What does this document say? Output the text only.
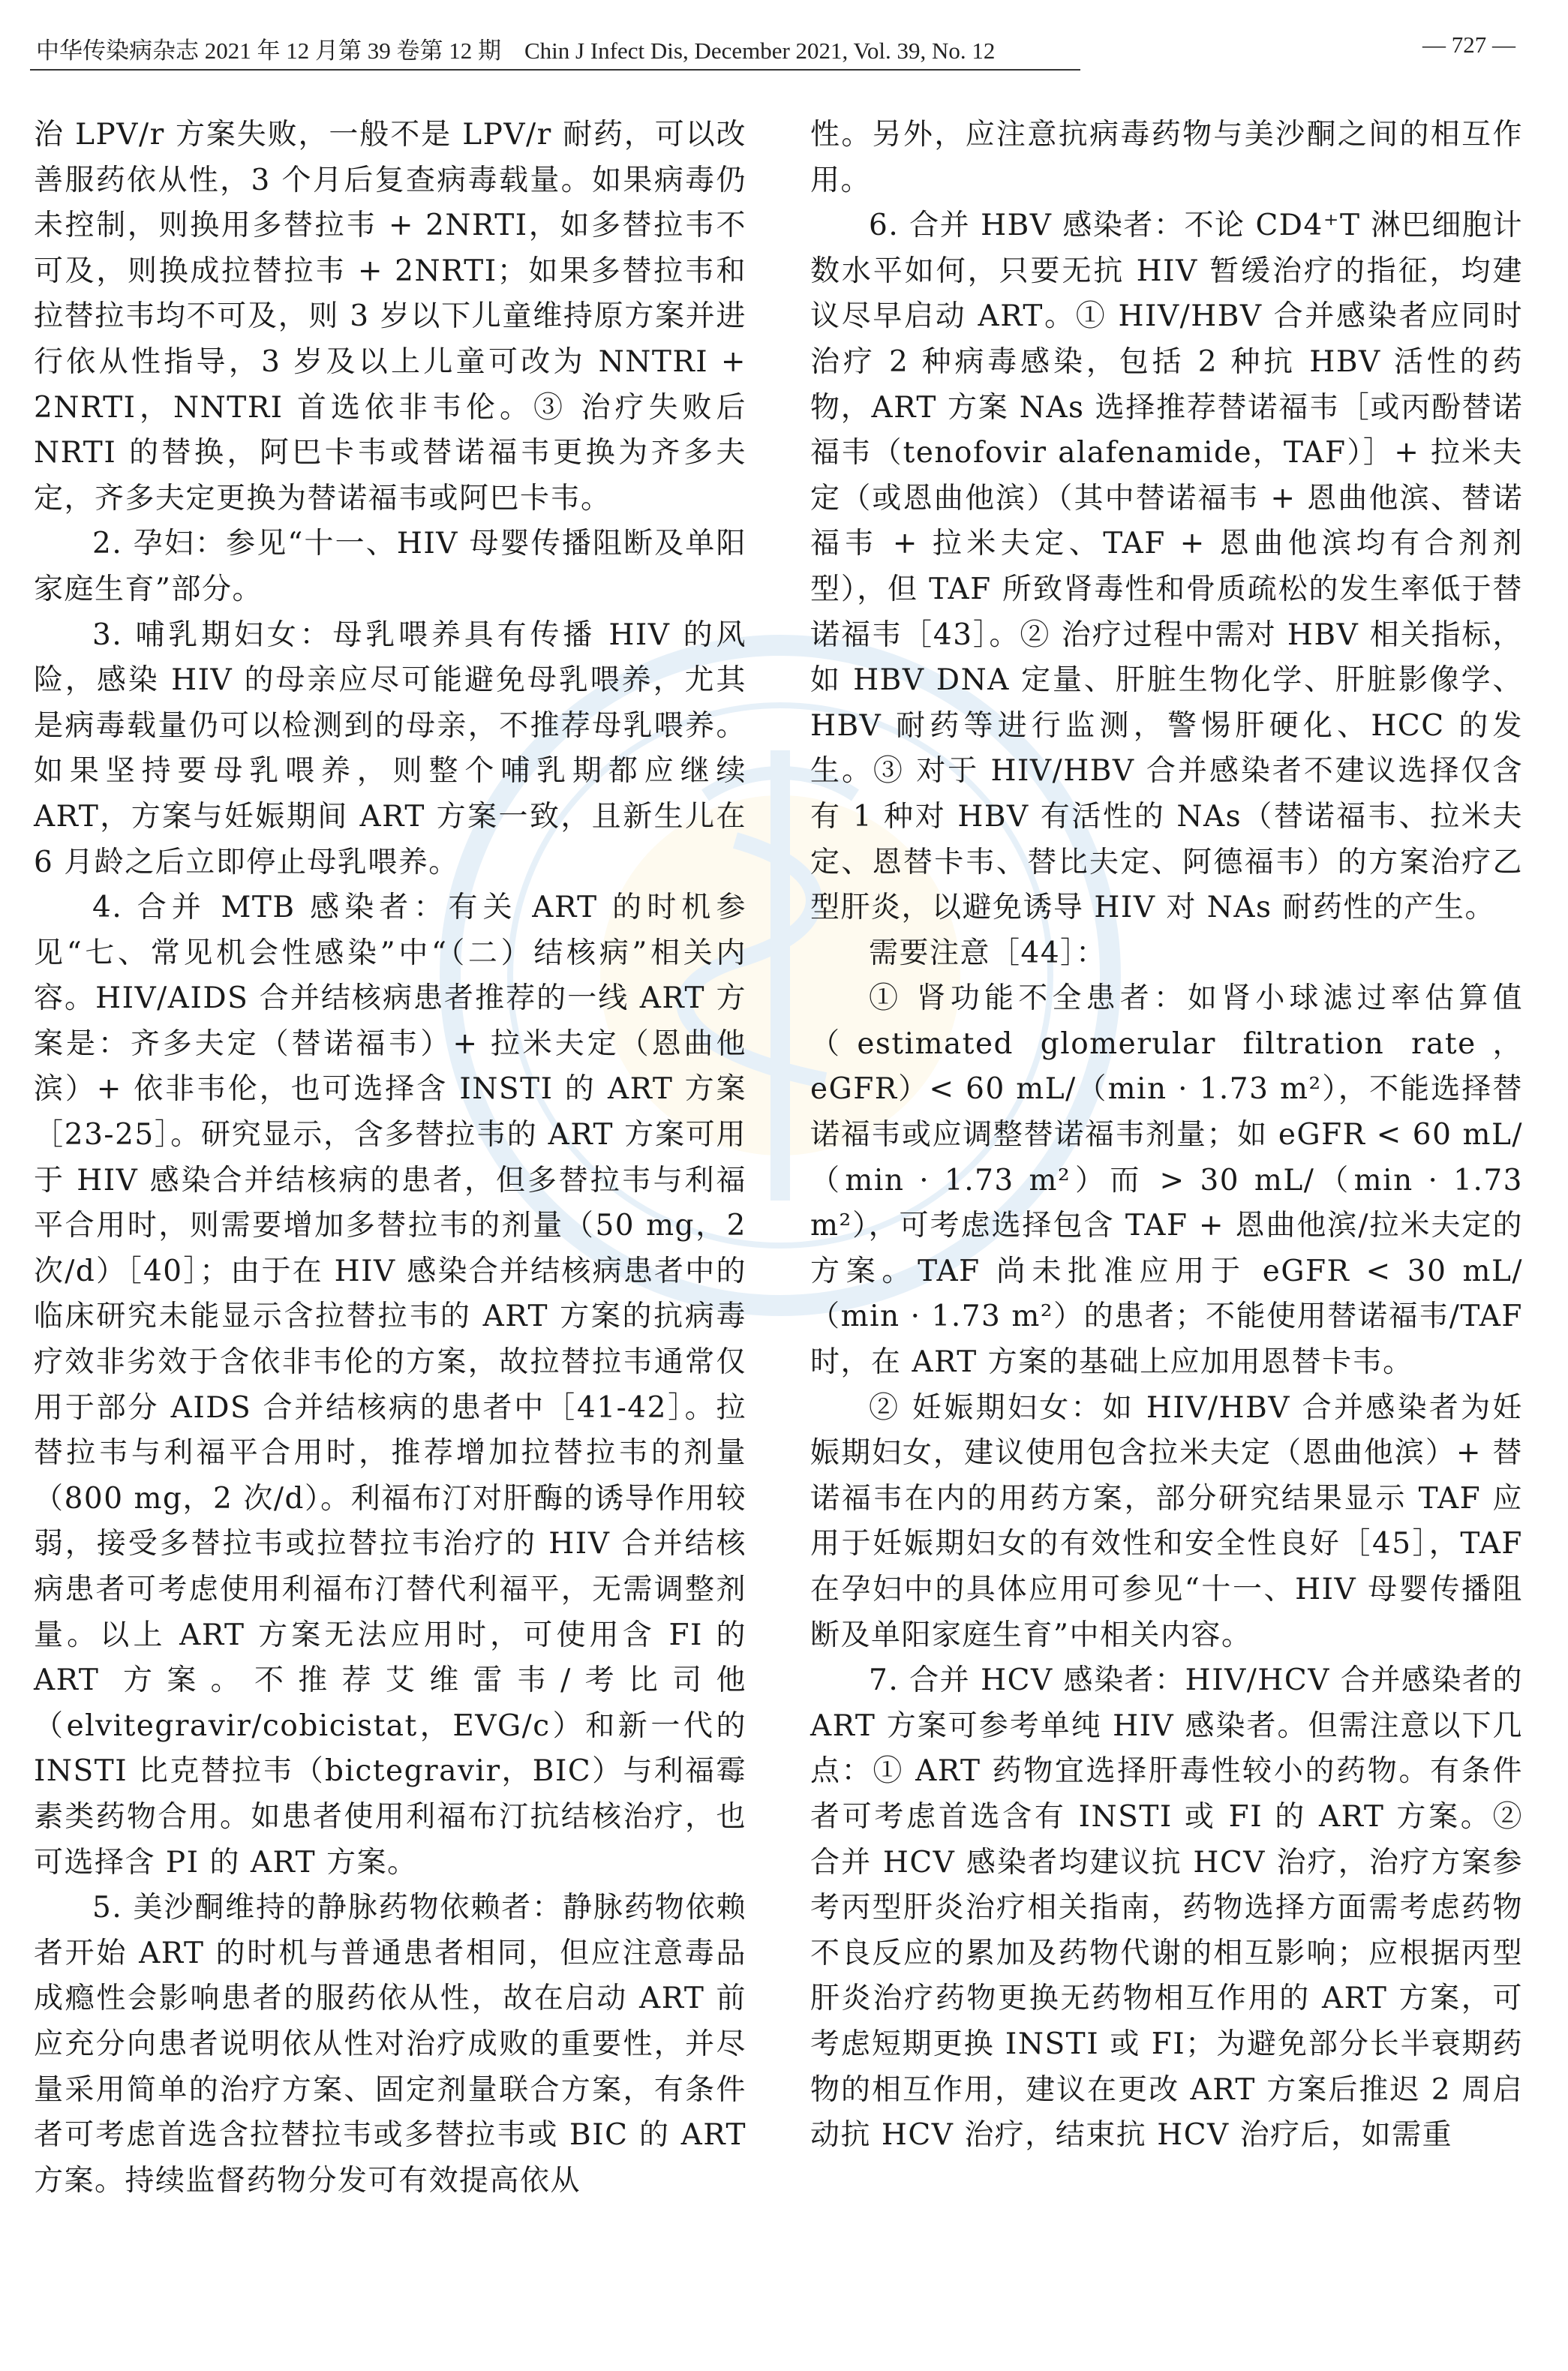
中华传染病杂志 2021 年 12 月第 39 卷第 12 期　Chin J Infect Dis, December 2021, Vol. 39, No. 12	— 727 —

治 LPV/r 方案失败，一般不是 LPV/r 耐药，可以改善服药依从性，3 个月后复查病毒载量。如果病毒仍未控制，则换用多替拉韦 + 2NRTI，如多替拉韦不可及，则换成拉替拉韦 + 2NRTI；如果多替拉韦和拉替拉韦均不可及，则 3 岁以下儿童维持原方案并进行依从性指导，3 岁及以上儿童可改为 NNTRI + 2NRTI，NNTRI 首选依非韦伦。③ 治疗失败后 NRTI 的替换，阿巴卡韦或替诺福韦更换为齐多夫定，齐多夫定更换为替诺福韦或阿巴卡韦。

2. 孕妇：参见“十一、HIV 母婴传播阻断及单阳家庭生育”部分。

3. 哺乳期妇女：母乳喂养具有传播 HIV 的风险，感染 HIV 的母亲应尽可能避免母乳喂养，尤其是病毒载量仍可以检测到的母亲，不推荐母乳喂养。如果坚持要母乳喂养，则整个哺乳期都应继续 ART，方案与妊娠期间 ART 方案一致，且新生儿在 6 月龄之后立即停止母乳喂养。

4. 合并 MTB 感染者：有关 ART 的时机参见“七、常见机会性感染”中“（二）结核病”相关内容。HIV/AIDS 合并结核病患者推荐的一线 ART 方案是：齐多夫定（替诺福韦）+ 拉米夫定（恩曲他滨）+ 依非韦伦，也可选择含 INSTI 的 ART 方案［23-25］。研究显示，含多替拉韦的 ART 方案可用于 HIV 感染合并结核病的患者，但多替拉韦与利福平合用时，则需要增加多替拉韦的剂量（50 mg，2 次/d）［40］；由于在 HIV 感染合并结核病患者中的临床研究未能显示含拉替拉韦的 ART 方案的抗病毒疗效非劣效于含依非韦伦的方案，故拉替拉韦通常仅用于部分 AIDS 合并结核病的患者中［41-42］。拉替拉韦与利福平合用时，推荐增加拉替拉韦的剂量（800 mg，2 次/d）。利福布汀对肝酶的诱导作用较弱，接受多替拉韦或拉替拉韦治疗的 HIV 合并结核病患者可考虑使用利福布汀替代利福平，无需调整剂量。以上 ART 方案无法应用时，可使用含 FI 的 ART 方案。不推荐艾维雷韦/考比司他（elvitegravir/cobicistat，EVG/c）和新一代的 INSTI 比克替拉韦（bictegravir，BIC）与利福霉素类药物合用。如患者使用利福布汀抗结核治疗，也可选择含 PI 的 ART 方案。

5. 美沙酮维持的静脉药物依赖者：静脉药物依赖者开始 ART 的时机与普通患者相同，但应注意毒品成瘾性会影响患者的服药依从性，故在启动 ART 前应充分向患者说明依从性对治疗成败的重要性，并尽量采用简单的治疗方案、固定剂量联合方案，有条件者可考虑首选含拉替拉韦或多替拉韦或 BIC 的 ART 方案。持续监督药物分发可有效提高依从

性。另外，应注意抗病毒药物与美沙酮之间的相互作用。

6. 合并 HBV 感染者：不论 CD4⁺T 淋巴细胞计数水平如何，只要无抗 HIV 暂缓治疗的指征，均建议尽早启动 ART。① HIV/HBV 合并感染者应同时治疗 2 种病毒感染，包括 2 种抗 HBV 活性的药物，ART 方案 NAs 选择推荐替诺福韦［或丙酚替诺福韦（tenofovir alafenamide，TAF）］+ 拉米夫定（或恩曲他滨）（其中替诺福韦 + 恩曲他滨、替诺福韦 + 拉米夫定、TAF + 恩曲他滨均有合剂剂型），但 TAF 所致肾毒性和骨质疏松的发生率低于替诺福韦［43］。② 治疗过程中需对 HBV 相关指标，如 HBV DNA 定量、肝脏生物化学、肝脏影像学、HBV 耐药等进行监测，警惕肝硬化、HCC 的发生。③ 对于 HIV/HBV 合并感染者不建议选择仅含有 1 种对 HBV 有活性的 NAs（替诺福韦、拉米夫定、恩替卡韦、替比夫定、阿德福韦）的方案治疗乙型肝炎，以避免诱导 HIV 对 NAs 耐药性的产生。

需要注意［44］：

① 肾功能不全患者：如肾小球滤过率估算值（estimated glomerular filtration rate，eGFR）< 60 mL/（min · 1.73 m²），不能选择替诺福韦或应调整替诺福韦剂量；如 eGFR < 60 mL/（min · 1.73 m²）而 > 30 mL/（min · 1.73 m²），可考虑选择包含 TAF + 恩曲他滨/拉米夫定的方案。TAF 尚未批准应用于 eGFR < 30 mL/（min · 1.73 m²）的患者；不能使用替诺福韦/TAF 时，在 ART 方案的基础上应加用恩替卡韦。

② 妊娠期妇女：如 HIV/HBV 合并感染者为妊娠期妇女，建议使用包含拉米夫定（恩曲他滨）+ 替诺福韦在内的用药方案，部分研究结果显示 TAF 应用于妊娠期妇女的有效性和安全性良好［45］，TAF 在孕妇中的具体应用可参见“十一、HIV 母婴传播阻断及单阳家庭生育”中相关内容。

7. 合并 HCV 感染者：HIV/HCV 合并感染者的 ART 方案可参考单纯 HIV 感染者。但需注意以下几点：① ART 药物宜选择肝毒性较小的药物。有条件者可考虑首选含有 INSTI 或 FI 的 ART 方案。② 合并 HCV 感染者均建议抗 HCV 治疗，治疗方案参考丙型肝炎治疗相关指南，药物选择方面需考虑药物不良反应的累加及药物代谢的相互影响；应根据丙型肝炎治疗药物更换无药物相互作用的 ART 方案，可考虑短期更换 INSTI 或 FI；为避免部分长半衰期药物的相互作用，建议在更改 ART 方案后推迟 2 周启动抗 HCV 治疗，结束抗 HCV 治疗后，如需重
